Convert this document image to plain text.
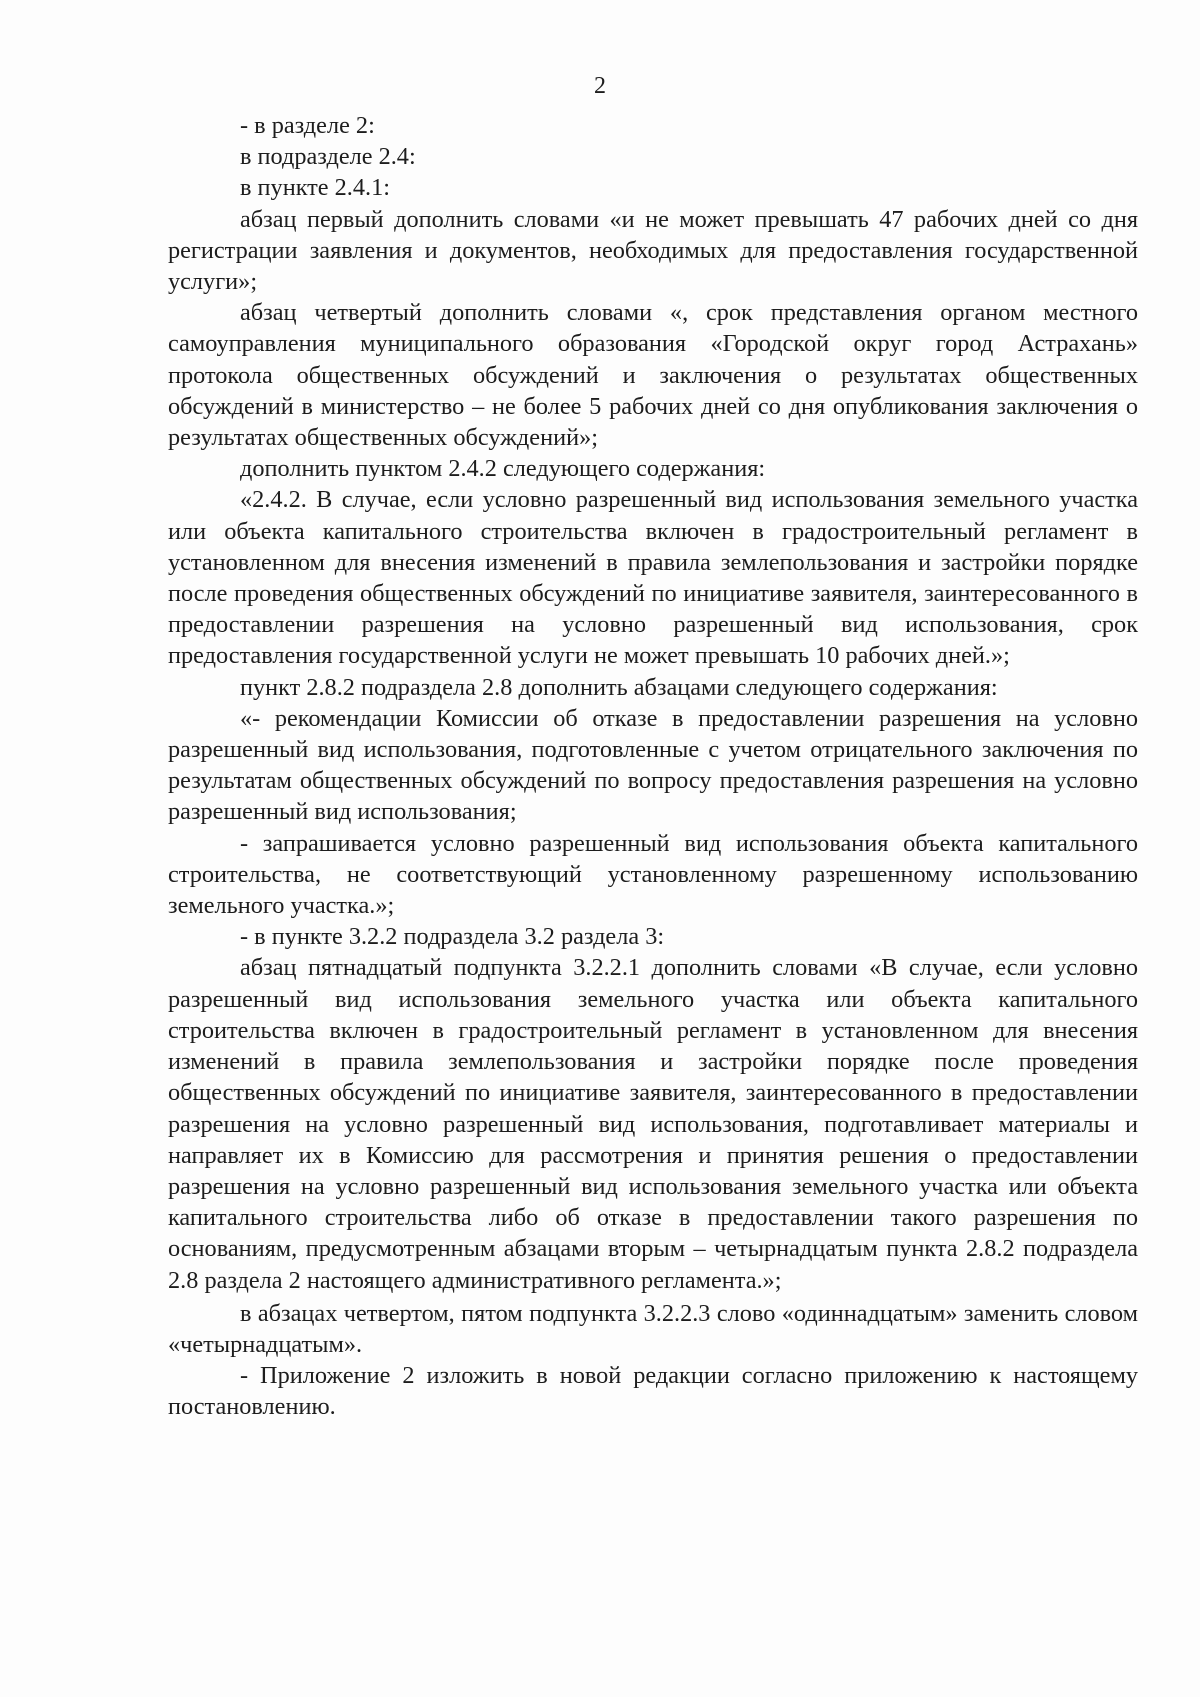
2

- в разделе 2:

в подразделе 2.4:

в пункте 2.4.1:

абзац первый дополнить словами «и не может превышать 47 рабочих дней со дня регистрации заявления и документов, необходимых для предоставления государственной услуги»;

абзац четвертый дополнить словами «, срок представления органом местного самоуправления муниципального образования «Городской округ город Астрахань» протокола общественных обсуждений и заключения о результатах общественных обсуждений в министерство – не более 5 рабочих дней со дня опубликования заключения о результатах общественных обсуждений»;

дополнить пунктом 2.4.2 следующего содержания:

«2.4.2. В случае, если условно разрешенный вид использования земельного участка или объекта капитального строительства включен в градостроительный регламент в установленном для внесения изменений в правила землепользования и застройки порядке после проведения общественных обсуждений по инициативе заявителя, заинтересованного в предоставлении разрешения на условно разрешенный вид использования, срок предоставления государственной услуги не может превышать 10 рабочих дней.»;

пункт 2.8.2 подраздела 2.8 дополнить абзацами следующего содержания:

«- рекомендации Комиссии об отказе в предоставлении разрешения на условно разрешенный вид использования, подготовленные с учетом отрицательного заключения по результатам общественных обсуждений по вопросу предоставления разрешения на условно разрешенный вид использования;

- запрашивается условно разрешенный вид использования объекта капитального строительства, не соответствующий установленному разрешенному использованию земельного участка.»;

- в пункте 3.2.2 подраздела 3.2 раздела 3:

абзац пятнадцатый подпункта 3.2.2.1 дополнить словами «В случае, если условно разрешенный вид использования земельного участка или объекта капитального строительства включен в градостроительный регламент в установленном для внесения изменений в правила землепользования и застройки порядке после проведения общественных обсуждений по инициативе заявителя, заинтересованного в предоставлении разрешения на условно разрешенный вид использования, подготавливает материалы и направляет их в Комиссию для рассмотрения и принятия решения о предоставлении разрешения на условно разрешенный вид использования земельного участка или объекта капитального строительства либо об отказе в предоставлении такого разрешения по основаниям, предусмотренным абзацами вторым – четырнадцатым пункта 2.8.2 подраздела 2.8 раздела 2 настоящего административного регламента.»;

в абзацах четвертом, пятом подпункта 3.2.2.3 слово «одиннадцатым» заменить словом «четырнадцатым».

- Приложение 2 изложить в новой редакции согласно приложению к настоящему постановлению.
